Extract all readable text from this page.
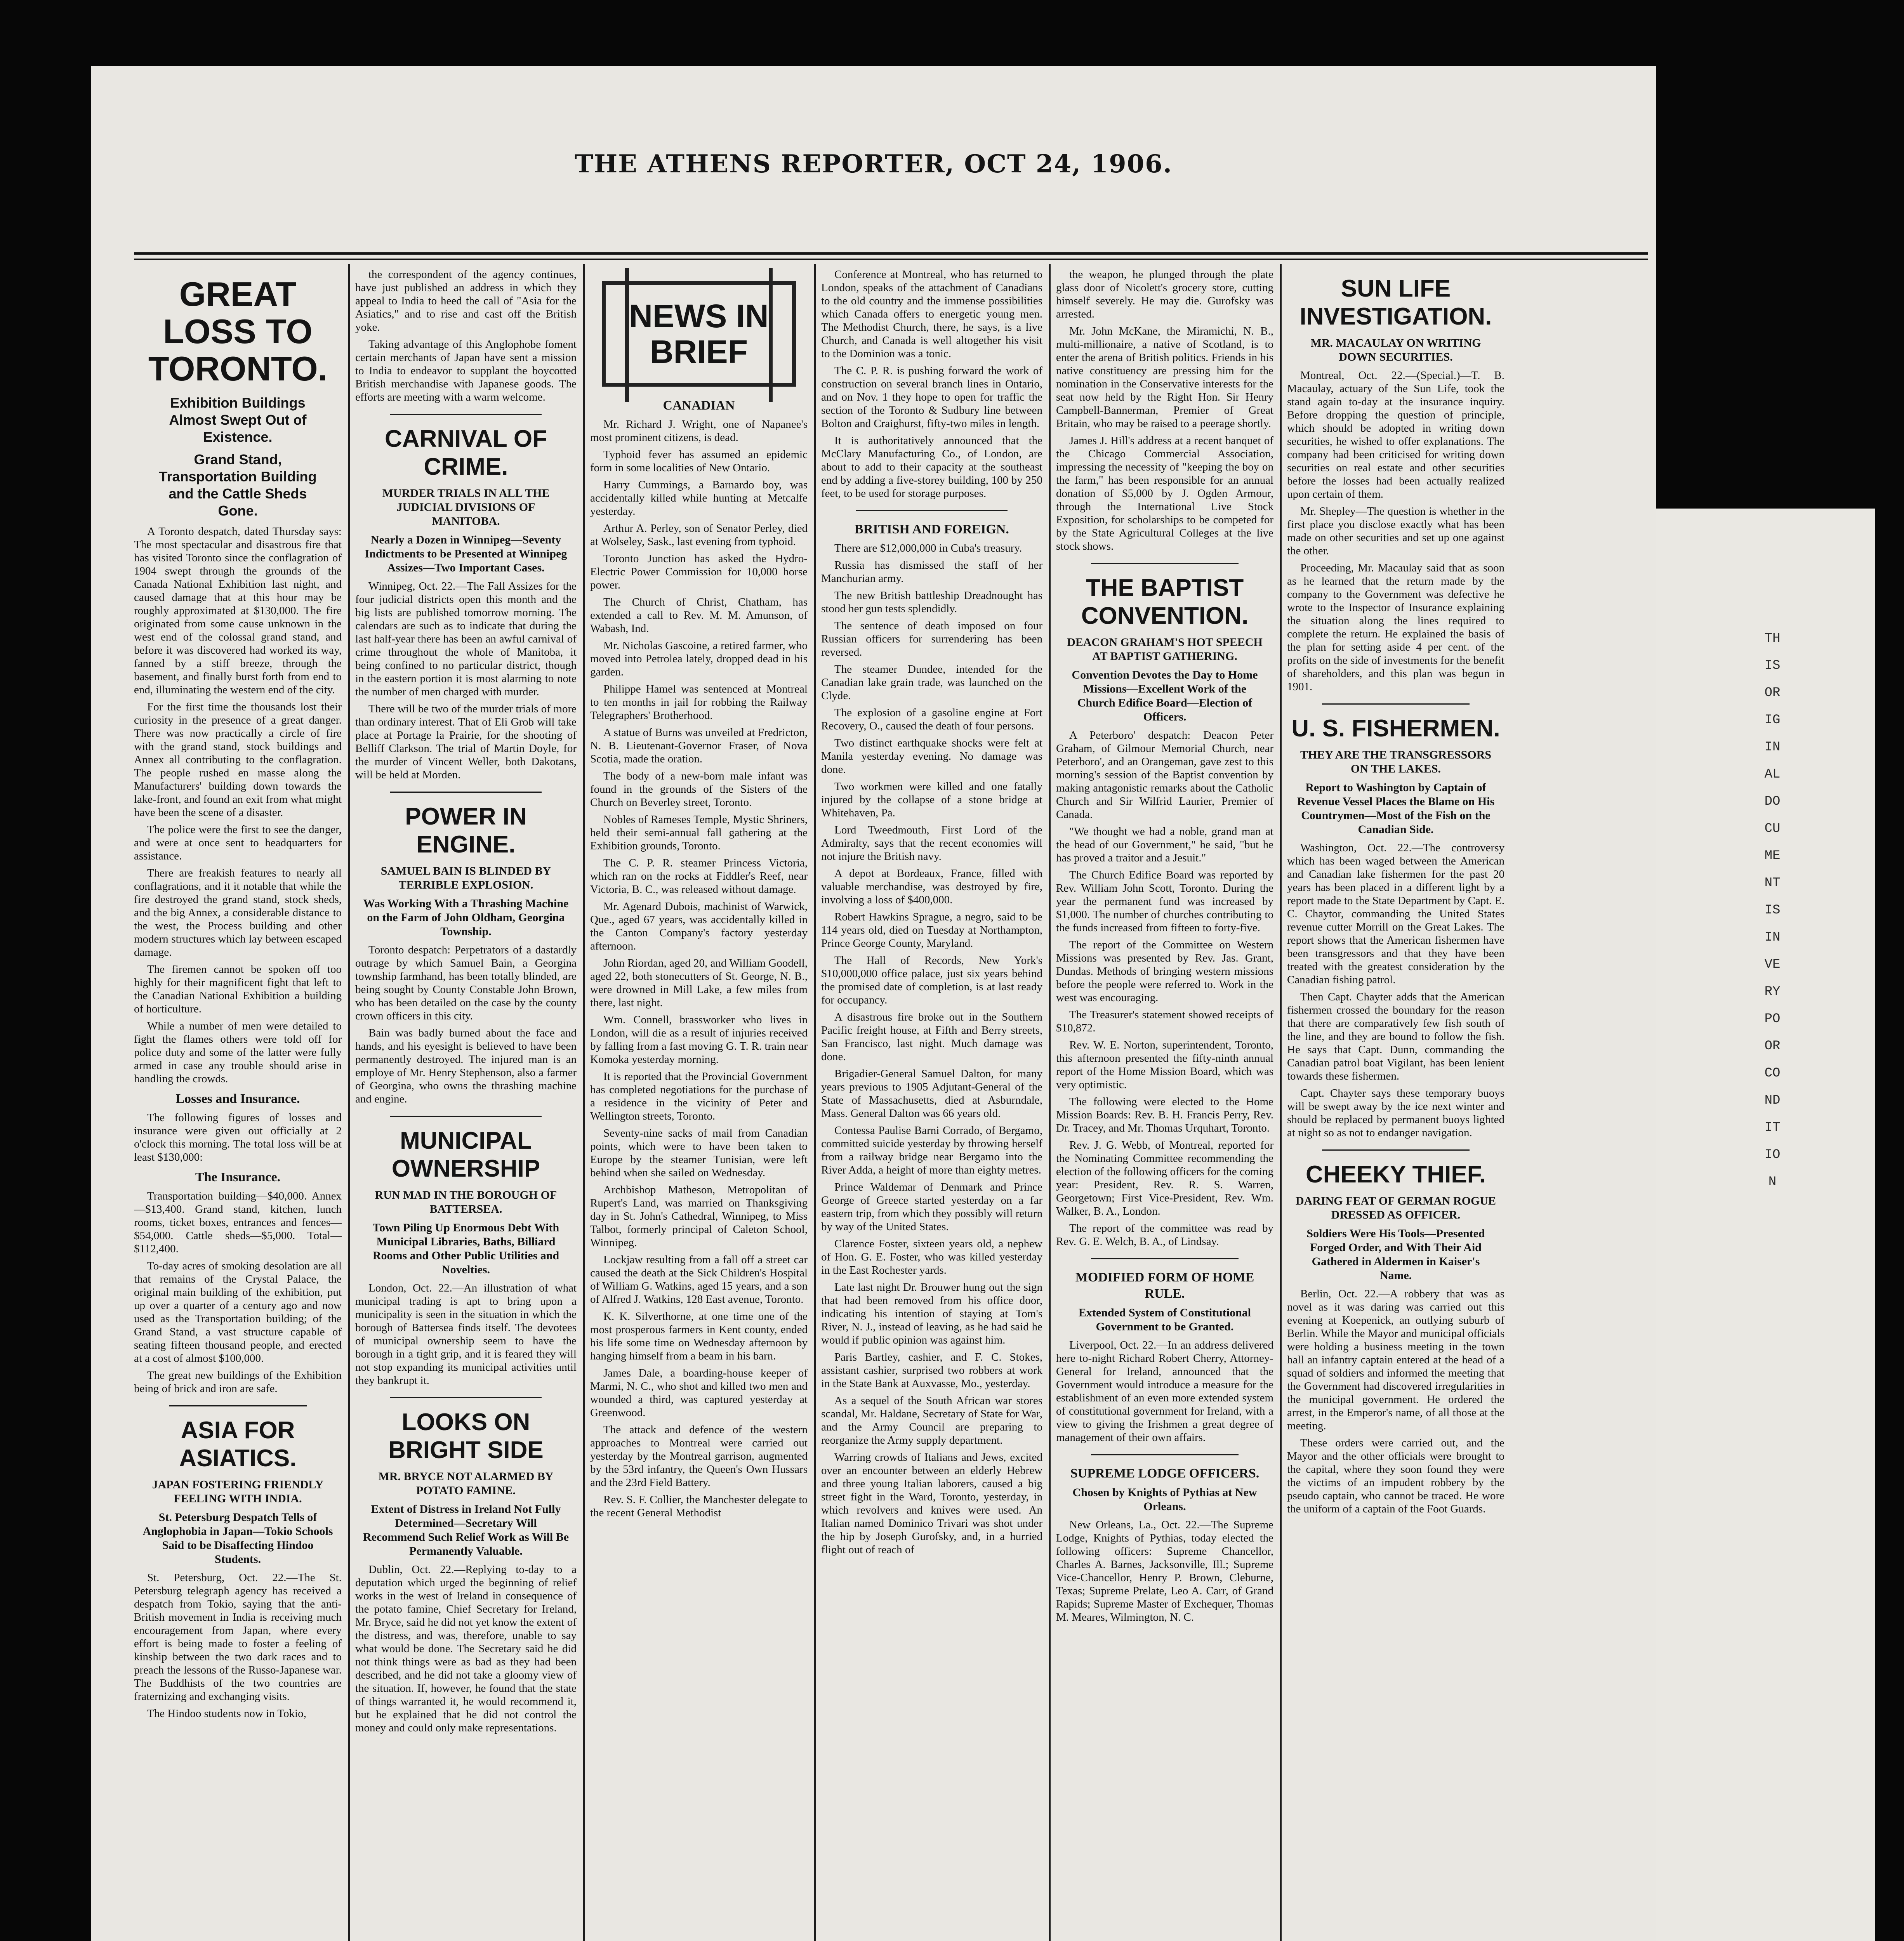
THE ATHENS REPORTER, OCT 24, 1906.
GREAT LOSS TO TORONTO.
Exhibition Buildings Almost Swept Out of Existence.
Grand Stand, Transportation Building and the Cattle Sheds Gone.

A Toronto despatch, dated Thursday says: The most spectacular and disastrous fire that has visited Toronto since the conflagration of 1904 swept through the grounds of the Canada National Exhibition last night, and caused damage that at this hour may be roughly approximated at $130,000. The fire originated from some cause unknown in the west end of the colossal grand stand, and before it was discovered had worked its way, fanned by a stiff breeze, through the basement, and finally burst forth from end to end, illuminating the western end of the city.

For the first time the thousands lost their curiosity in the presence of a great danger. There was now practically a circle of fire with the grand stand, stock buildings and Annex all contributing to the conflagration. The people rushed en masse along the Manufacturers' building down towards the lake-front, and found an exit from what might have been the scene of a disaster.

The police were the first to see the danger, and were at once sent to headquarters for assistance.

There are freakish features to nearly all conflagrations, and it it notable that while the fire destroyed the grand stand, stock sheds, and the big Annex, a considerable distance to the west, the Process building and other modern structures which lay between escaped damage.

The firemen cannot be spoken off too highly for their magnificent fight that left to the Canadian National Exhibition a building of horticulture.

While a number of men were detailed to fight the flames others were told off for police duty and some of the latter were fully armed in case any trouble should arise in handling the crowds.

Losses and Insurance.

The following figures of losses and insurance were given out officially at 2 o'clock this morning. The total loss will be at least $130,000:

The Insurance.

Transportation building—$40,000. Annex—$13,400. Grand stand, kitchen, lunch rooms, ticket boxes, entrances and fences—$54,000. Cattle sheds—$5,000. Total—$112,400.

To-day acres of smoking desolation are all that remains of the Crystal Palace, the original main building of the exhibition, put up over a quarter of a century ago and now used as the Transportation building; of the Grand Stand, a vast structure capable of seating fifteen thousand people, and erected at a cost of almost $100,000.

The great new buildings of the Exhibition being of brick and iron are safe.

ASIA FOR ASIATICS.
JAPAN FOSTERING FRIENDLY FEELING WITH INDIA.
St. Petersburg Despatch Tells of Anglophobia in Japan—Tokio Schools Said to be Disaffecting Hindoo Students.

St. Petersburg, Oct. 22.—The St. Petersburg telegraph agency has received a despatch from Tokio, saying that the anti-British movement in India is receiving much encouragement from Japan, where every effort is being made to foster a feeling of kinship between the two dark races and to preach the lessons of the Russo-Japanese war. The Buddhists of the two countries are fraternizing and exchanging visits.

The Hindoo students now in Tokio,

the correspondent of the agency continues, have just published an address in which they appeal to India to heed the call of "Asia for the Asiatics," and to rise and cast off the British yoke.

Taking advantage of this Anglophobe foment certain merchants of Japan have sent a mission to India to endeavor to supplant the boycotted British merchandise with Japanese goods. The efforts are meeting with a warm welcome.

CARNIVAL OF CRIME.
MURDER TRIALS IN ALL THE JUDICIAL DIVISIONS OF MANITOBA.
Nearly a Dozen in Winnipeg—Seventy Indictments to be Presented at Winnipeg Assizes—Two Important Cases.

Winnipeg, Oct. 22.—The Fall Assizes for the four judicial districts open this month and the big lists are published tomorrow morning. The calendars are such as to indicate that during the last half-year there has been an awful carnival of crime throughout the whole of Manitoba, it being confined to no particular district, though in the eastern portion it is most alarming to note the number of men charged with murder.

There will be two of the murder trials of more than ordinary interest. That of Eli Grob will take place at Portage la Prairie, for the shooting of Belliff Clarkson. The trial of Martin Doyle, for the murder of Vincent Weller, both Dakotans, will be held at Morden.

POWER IN ENGINE.
SAMUEL BAIN IS BLINDED BY TERRIBLE EXPLOSION.
Was Working With a Thrashing Machine on the Farm of John Oldham, Georgina Township.

Toronto despatch: Perpetrators of a dastardly outrage by which Samuel Bain, a Georgina township farmhand, has been totally blinded, are being sought by County Constable John Brown, who has been detailed on the case by the county crown officers in this city.

Bain was badly burned about the face and hands, and his eyesight is believed to have been permanently destroyed. The injured man is an employe of Mr. Henry Stephenson, also a farmer of Georgina, who owns the thrashing machine and engine.

MUNICIPAL OWNERSHIP
RUN MAD IN THE BOROUGH OF BATTERSEA.
Town Piling Up Enormous Debt With Municipal Libraries, Baths, Billiard Rooms and Other Public Utilities and Novelties.

London, Oct. 22.—An illustration of what municipal trading is apt to bring upon a municipality is seen in the situation in which the borough of Battersea finds itself. The devotees of municipal ownership seem to have the borough in a tight grip, and it is feared they will not stop expanding its municipal activities until they bankrupt it.

LOOKS ON BRIGHT SIDE
MR. BRYCE NOT ALARMED BY POTATO FAMINE.
Extent of Distress in Ireland Not Fully Determined—Secretary Will Recommend Such Relief Work as Will Be Permanently Valuable.

Dublin, Oct. 22.—Replying to-day to a deputation which urged the beginning of relief works in the west of Ireland in consequence of the potato famine, Chief Secretary for Ireland, Mr. Bryce, said he did not yet know the extent of the distress, and was, therefore, unable to say what would be done. The Secretary said he did not think things were as bad as they had been described, and he did not take a gloomy view of the situation. If, however, he found that the state of things warranted it, he would recommend it, but he explained that he did not control the money and could only make representations.

NEWS IN BRIEF
CANADIAN

Mr. Richard J. Wright, one of Napanee's most prominent citizens, is dead.

Typhoid fever has assumed an epidemic form in some localities of New Ontario.

Harry Cummings, a Barnardo boy, was accidentally killed while hunting at Metcalfe yesterday.

Arthur A. Perley, son of Senator Perley, died at Wolseley, Sask., last evening from typhoid.

Toronto Junction has asked the Hydro-Electric Power Commission for 10,000 horse power.

The Church of Christ, Chatham, has extended a call to Rev. M. M. Amunson, of Wabash, Ind.

Mr. Nicholas Gascoine, a retired farmer, who moved into Petrolea lately, dropped dead in his garden.

Philippe Hamel was sentenced at Montreal to ten months in jail for robbing the Railway Telegraphers' Brotherhood.

A statue of Burns was unveiled at Fredricton, N. B. Lieutenant-Governor Fraser, of Nova Scotia, made the oration.

The body of a new-born male infant was found in the grounds of the Sisters of the Church on Beverley street, Toronto.

Nobles of Rameses Temple, Mystic Shriners, held their semi-annual fall gathering at the Exhibition grounds, Toronto.

The C. P. R. steamer Princess Victoria, which ran on the rocks at Fiddler's Reef, near Victoria, B. C., was released without damage.

Mr. Agenard Dubois, machinist of Warwick, Que., aged 67 years, was accidentally killed in the Canton Company's factory yesterday afternoon.

John Riordan, aged 20, and William Goodell, aged 22, both stonecutters of St. George, N. B., were drowned in Mill Lake, a few miles from there, last night.

Wm. Connell, brassworker who lives in London, will die as a result of injuries received by falling from a fast moving G. T. R. train near Komoka yesterday morning.

It is reported that the Provincial Government has completed negotiations for the purchase of a residence in the vicinity of Peter and Wellington streets, Toronto.

Seventy-nine sacks of mail from Canadian points, which were to have been taken to Europe by the steamer Tunisian, were left behind when she sailed on Wednesday.

Archbishop Matheson, Metropolitan of Rupert's Land, was married on Thanksgiving day in St. John's Cathedral, Winnipeg, to Miss Talbot, formerly principal of Caleton School, Winnipeg.

Lockjaw resulting from a fall off a street car caused the death at the Sick Children's Hospital of William G. Watkins, aged 15 years, and a son of Alfred J. Watkins, 128 East avenue, Toronto.

K. K. Silverthorne, at one time one of the most prosperous farmers in Kent county, ended his life some time on Wednesday afternoon by hanging himself from a beam in his barn.

James Dale, a boarding-house keeper of Marmi, N. C., who shot and killed two men and wounded a third, was captured yesterday at Greenwood.

The attack and defence of the western approaches to Montreal were carried out yesterday by the Montreal garrison, augmented by the 53rd infantry, the Queen's Own Hussars and the 23rd Field Battery.

Rev. S. F. Collier, the Manchester delegate to the recent General Methodist

Conference at Montreal, who has returned to London, speaks of the attachment of Canadians to the old country and the immense possibilities which Canada offers to energetic young men. The Methodist Church, there, he says, is a live Church, and Canada is well altogether his visit to the Dominion was a tonic.

The C. P. R. is pushing forward the work of construction on several branch lines in Ontario, and on Nov. 1 they hope to open for traffic the section of the Toronto & Sudbury line between Bolton and Craighurst, fifty-two miles in length.

It is authoritatively announced that the McClary Manufacturing Co., of London, are about to add to their capacity at the southeast end by adding a five-storey building, 100 by 250 feet, to be used for storage purposes.

BRITISH AND FOREIGN.

There are $12,000,000 in Cuba's treasury.

Russia has dismissed the staff of her Manchurian army.

The new British battleship Dreadnought has stood her gun tests splendidly.

The sentence of death imposed on four Russian officers for surrendering has been reversed.

The steamer Dundee, intended for the Canadian lake grain trade, was launched on the Clyde.

The explosion of a gasoline engine at Fort Recovery, O., caused the death of four persons.

Two distinct earthquake shocks were felt at Manila yesterday evening. No damage was done.

Two workmen were killed and one fatally injured by the collapse of a stone bridge at Whitehaven, Pa.

Lord Tweedmouth, First Lord of the Admiralty, says that the recent economies will not injure the British navy.

A depot at Bordeaux, France, filled with valuable merchandise, was destroyed by fire, involving a loss of $400,000.

Robert Hawkins Sprague, a negro, said to be 114 years old, died on Tuesday at Northampton, Prince George County, Maryland.

The Hall of Records, New York's $10,000,000 office palace, just six years behind the promised date of completion, is at last ready for occupancy.

A disastrous fire broke out in the Southern Pacific freight house, at Fifth and Berry streets, San Francisco, last night. Much damage was done.

Brigadier-General Samuel Dalton, for many years previous to 1905 Adjutant-General of the State of Massachusetts, died at Asburndale, Mass. General Dalton was 66 years old.

Contessa Paulise Barni Corrado, of Bergamo, committed suicide yesterday by throwing herself from a railway bridge near Bergamo into the River Adda, a height of more than eighty metres.

Prince Waldemar of Denmark and Prince George of Greece started yesterday on a far eastern trip, from which they possibly will return by way of the United States.

Clarence Foster, sixteen years old, a nephew of Hon. G. E. Foster, who was killed yesterday in the East Rochester yards.

Late last night Dr. Brouwer hung out the sign that had been removed from his office door, indicating his intention of staying at Tom's River, N. J., instead of leaving, as he had said he would if public opinion was against him.

Paris Bartley, cashier, and F. C. Stokes, assistant cashier, surprised two robbers at work in the State Bank at Auxvasse, Mo., yesterday.

As a sequel of the South African war stores scandal, Mr. Haldane, Secretary of State for War, and the Army Council are preparing to reorganize the Army supply department.

Warring crowds of Italians and Jews, excited over an encounter between an elderly Hebrew and three young Italian laborers, caused a big street fight in the Ward, Toronto, yesterday, in which revolvers and knives were used. An Italian named Dominico Trivari was shot under the hip by Joseph Gurofsky, and, in a hurried flight out of reach of

the weapon, he plunged through the plate glass door of Nicolett's grocery store, cutting himself severely. He may die. Gurofsky was arrested.

Mr. John McKane, the Miramichi, N. B., multi-millionaire, a native of Scotland, is to enter the arena of British politics. Friends in his native constituency are pressing him for the nomination in the Conservative interests for the seat now held by the Right Hon. Sir Henry Campbell-Bannerman, Premier of Great Britain, who may be raised to a peerage shortly.

James J. Hill's address at a recent banquet of the Chicago Commercial Association, impressing the necessity of "keeping the boy on the farm," has been responsible for an annual donation of $5,000 by J. Ogden Armour, through the International Live Stock Exposition, for scholarships to be competed for by the State Agricultural Colleges at the live stock shows.

THE BAPTIST CONVENTION.
DEACON GRAHAM'S HOT SPEECH AT BAPTIST GATHERING.
Convention Devotes the Day to Home Missions—Excellent Work of the Church Edifice Board—Election of Officers.

A Peterboro' despatch: Deacon Peter Graham, of Gilmour Memorial Church, near Peterboro', and an Orangeman, gave zest to this morning's session of the Baptist convention by making antagonistic remarks about the Catholic Church and Sir Wilfrid Laurier, Premier of Canada.

"We thought we had a noble, grand man at the head of our Government," he said, "but he has proved a traitor and a Jesuit."

The Church Edifice Board was reported by Rev. William John Scott, Toronto. During the year the permanent fund was increased by $1,000. The number of churches contributing to the funds increased from fifteen to forty-five.

The report of the Committee on Western Missions was presented by Rev. Jas. Grant, Dundas. Methods of bringing western missions before the people were referred to. Work in the west was encouraging.

The Treasurer's statement showed receipts of $10,872.

Rev. W. E. Norton, superintendent, Toronto, this afternoon presented the fifty-ninth annual report of the Home Mission Board, which was very optimistic.

The following were elected to the Home Mission Boards: Rev. B. H. Francis Perry, Rev. Dr. Tracey, and Mr. Thomas Urquhart, Toronto.

Rev. J. G. Webb, of Montreal, reported for the Nominating Committee recommending the election of the following officers for the coming year: President, Rev. R. S. Warren, Georgetown; First Vice-President, Rev. Wm. Walker, B. A., London.

The report of the committee was read by Rev. G. E. Welch, B. A., of Lindsay.

MODIFIED FORM OF HOME RULE.
Extended System of Constitutional Government to be Granted.

Liverpool, Oct. 22.—In an address delivered here to-night Richard Robert Cherry, Attorney-General for Ireland, announced that the Government would introduce a measure for the establishment of an even more extended system of constitutional government for Ireland, with a view to giving the Irishmen a great degree of management of their own affairs.

SUPREME LODGE OFFICERS.
Chosen by Knights of Pythias at New Orleans.

New Orleans, La., Oct. 22.—The Supreme Lodge, Knights of Pythias, today elected the following officers: Supreme Chancellor, Charles A. Barnes, Jacksonville, Ill.; Supreme Vice-Chancellor, Henry P. Brown, Cleburne, Texas; Supreme Prelate, Leo A. Carr, of Grand Rapids; Supreme Master of Exchequer, Thomas M. Meares, Wilmington, N. C.

SUN LIFE INVESTIGATION.
MR. MACAULAY ON WRITING DOWN SECURITIES.

Montreal, Oct. 22.—(Special.)—T. B. Macaulay, actuary of the Sun Life, took the stand again to-day at the insurance inquiry. Before dropping the question of principle, which should be adopted in writing down securities, he wished to offer explanations. The company had been criticised for writing down securities on real estate and other securities before the losses had been actually realized upon certain of them.

Mr. Shepley—The question is whether in the first place you disclose exactly what has been made on other securities and set up one against the other.

Proceeding, Mr. Macaulay said that as soon as he learned that the return made by the company to the Government was defective he wrote to the Inspector of Insurance explaining the situation along the lines required to complete the return. He explained the basis of the plan for setting aside 4 per cent. of the profits on the side of investments for the benefit of shareholders, and this plan was begun in 1901.

U. S. FISHERMEN.
THEY ARE THE TRANSGRESSORS ON THE LAKES.
Report to Washington by Captain of Revenue Vessel Places the Blame on His Countrymen—Most of the Fish on the Canadian Side.

Washington, Oct. 22.—The controversy which has been waged between the American and Canadian lake fishermen for the past 20 years has been placed in a different light by a report made to the State Department by Capt. E. C. Chaytor, commanding the United States revenue cutter Morrill on the Great Lakes. The report shows that the American fishermen have been transgressors and that they have been treated with the greatest consideration by the Canadian fishing patrol.

Then Capt. Chayter adds that the American fishermen crossed the boundary for the reason that there are comparatively few fish south of the line, and they are bound to follow the fish. He says that Capt. Dunn, commanding the Canadian patrol boat Vigilant, has been lenient towards these fishermen.

Capt. Chayter says these temporary buoys will be swept away by the ice next winter and should be replaced by permanent buoys lighted at night so as not to endanger navigation.

CHEEKY THIEF.
DARING FEAT OF GERMAN ROGUE DRESSED AS OFFICER.
Soldiers Were His Tools—Presented Forged Order, and With Their Aid Gathered in Aldermen in Kaiser's Name.

Berlin, Oct. 22.—A robbery that was as novel as it was daring was carried out this evening at Koepenick, an outlying suburb of Berlin. While the Mayor and municipal officials were holding a business meeting in the town hall an infantry captain entered at the head of a squad of soldiers and informed the meeting that the Government had discovered irregularities in the municipal government. He ordered the arrest, in the Emperor's name, of all those at the meeting.

These orders were carried out, and the Mayor and the other officials were brought to the capital, where they soon found they were the victims of an impudent robbery by the pseudo captain, who cannot be traced. He wore the uniform of a captain of the Foot Guards.

THIS ORIGINAL DOCUMENT IS IN VERY POOR CONDITION
